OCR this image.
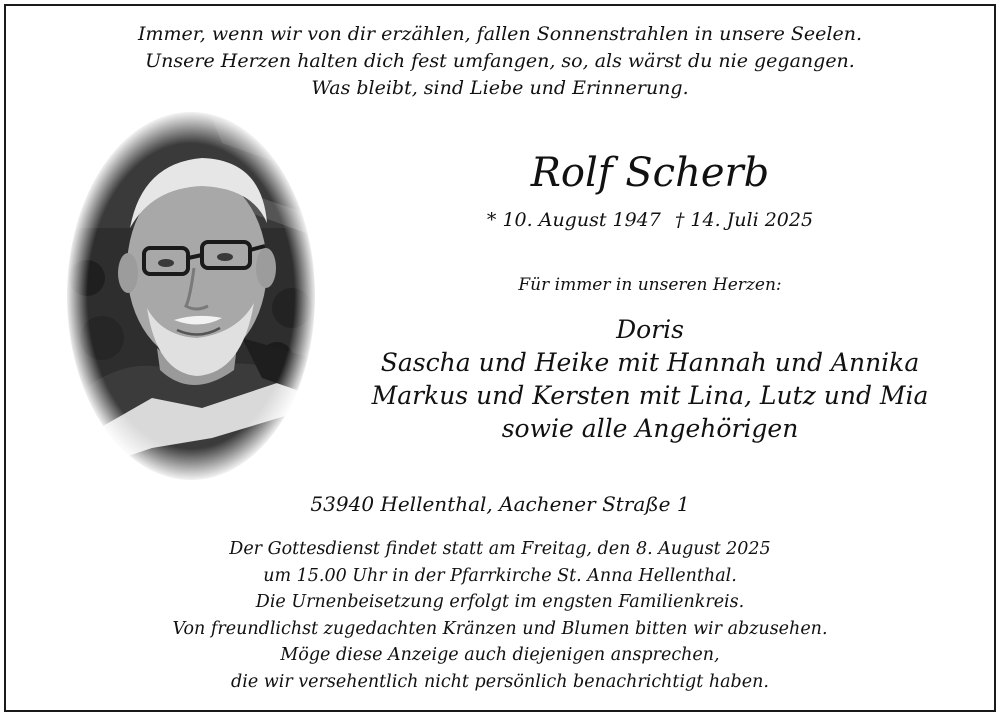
Immer, wenn wir von dir erzählen, fallen Sonnenstrahlen in unsere Seelen.
Unsere Herzen halten dich fest umfangen, so, als wärst du nie gegangen.
Was bleibt, sind Liebe und Erinnerung.
Rolf Scherb
* 10. August 1947 † 14. Juli 2025
Für immer in unseren Herzen:
Doris
Sascha und Heike mit Hannah und Annika
Markus und Kersten mit Lina, Lutz und Mia
sowie alle Angehörigen
53940 Hellenthal, Aachener Straße 1
Der Gottesdienst findet statt am Freitag, den 8. August 2025
um 15.00 Uhr in der Pfarrkirche St. Anna Hellenthal.
Die Urnenbeisetzung erfolgt im engsten Familienkreis.
Von freundlichst zugedachten Kränzen und Blumen bitten wir abzusehen.
Möge diese Anzeige auch diejenigen ansprechen,
die wir versehentlich nicht persönlich benachrichtigt haben.
